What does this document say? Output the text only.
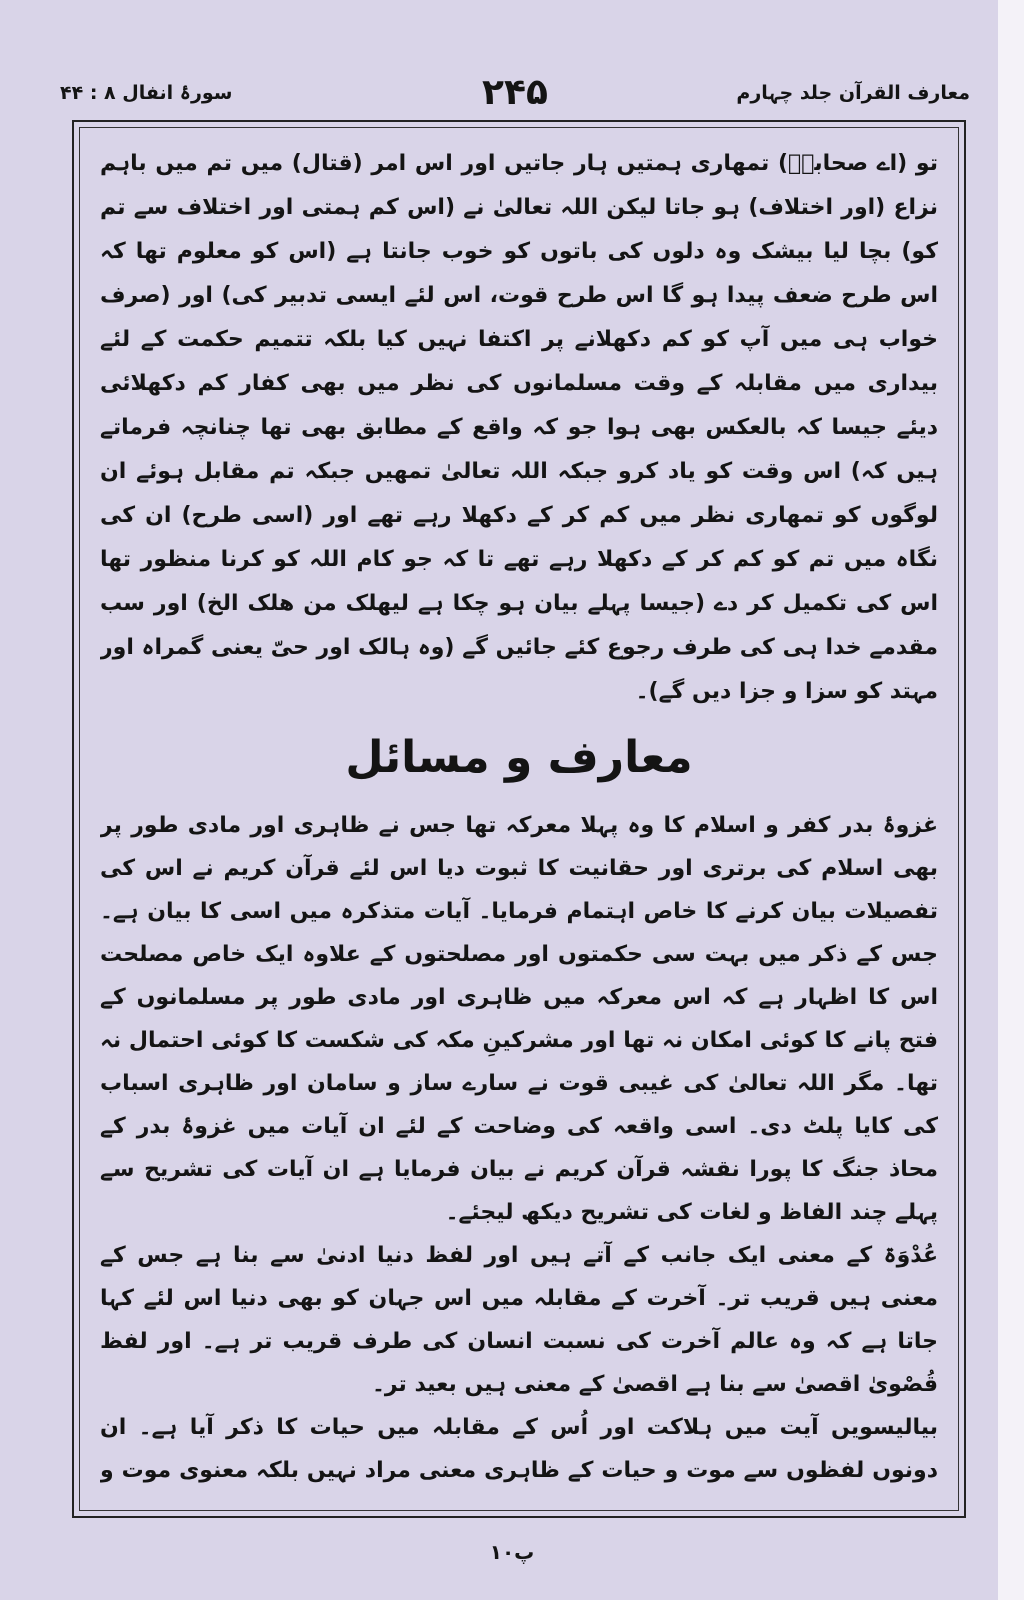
معارف القرآن جلد چہارم
۲۴۵
سورۂ انفال ۸ : ۴۴

تو (اے صحابہؓ) تمھاری ہمتیں ہار جاتیں اور اس امر (قتال) میں تم میں باہم نزاع (اور اختلاف) ہو جاتا لیکن اللہ تعالیٰ نے (اس کم ہمتی اور اختلاف سے تم کو) بچا لیا بیشک وہ دلوں کی باتوں کو خوب جانتا ہے (اس کو معلوم تھا کہ اس طرح ضعف پیدا ہو گا اس طرح قوت، اس لئے ایسی تدبیر کی) اور (صرف خواب ہی میں آپ کو کم دکھلانے پر اکتفا نہیں کیا بلکہ تتمیم حکمت کے لئے بیداری میں مقابلہ کے وقت مسلمانوں کی نظر میں بھی کفار کم دکھلائی دیئے جیسا کہ بالعکس بھی ہوا جو کہ واقع کے مطابق بھی تھا چنانچہ فرماتے ہیں کہ) اس وقت کو یاد کرو جبکہ اللہ تعالیٰ تمھیں جبکہ تم مقابل ہوئے ان لوگوں کو تمھاری نظر میں کم کر کے دکھلا رہے تھے اور (اسی طرح) ان کی نگاہ میں تم کو کم کر کے دکھلا رہے تھے تا کہ جو کام اللہ کو کرنا منظور تھا اس کی تکمیل کر دے (جیسا پہلے بیان ہو چکا ہے لیھلک من ھلک الخ) اور سب مقدمے خدا ہی کی طرف رجوع کئے جائیں گے (وہ ہالک اور حیّ یعنی گمراہ اور مہتد کو سزا و جزا دیں گے)۔

معارف و مسائل

غزوۂ بدر کفر و اسلام کا وہ پہلا معرکہ تھا جس نے ظاہری اور مادی طور پر بھی اسلام کی برتری اور حقانیت کا ثبوت دیا اس لئے قرآن کریم نے اس کی تفصیلات بیان کرنے کا خاص اہتمام فرمایا۔ آیات متذکرہ میں اسی کا بیان ہے۔ جس کے ذکر میں بہت سی حکمتوں اور مصلحتوں کے علاوہ ایک خاص مصلحت اس کا اظہار ہے کہ اس معرکہ میں ظاہری اور مادی طور پر مسلمانوں کے فتح پانے کا کوئی امکان نہ تھا اور مشرکینِ مکہ کی شکست کا کوئی احتمال نہ تھا۔ مگر اللہ تعالیٰ کی غیبی قوت نے سارے ساز و سامان اور ظاہری اسباب کی کایا پلٹ دی۔ اسی واقعہ کی وضاحت کے لئے ان آیات میں غزوۂ بدر کے محاذ جنگ کا پورا نقشہ قرآن کریم نے بیان فرمایا ہے ان آیات کی تشریح سے پہلے چند الفاظ و لغات کی تشریح دیکھ لیجئے۔

عُدْوَۃ کے معنی ایک جانب کے آتے ہیں اور لفظ دنیا ادنیٰ سے بنا ہے جس کے معنی ہیں قریب تر۔ آخرت کے مقابلہ میں اس جہان کو بھی دنیا اس لئے کہا جاتا ہے کہ وہ عالم آخرت کی نسبت انسان کی طرف قریب تر ہے۔ اور لفظ قُصْویٰ اقصیٰ سے بنا ہے اقصیٰ کے معنی ہیں بعید تر۔

بیالیسویں آیت میں ہلاکت اور اُس کے مقابلہ میں حیات کا ذکر آیا ہے۔ ان دونوں لفظوں سے موت و حیات کے ظاہری معنی مراد نہیں بلکہ معنوی موت و

۱۰پ
